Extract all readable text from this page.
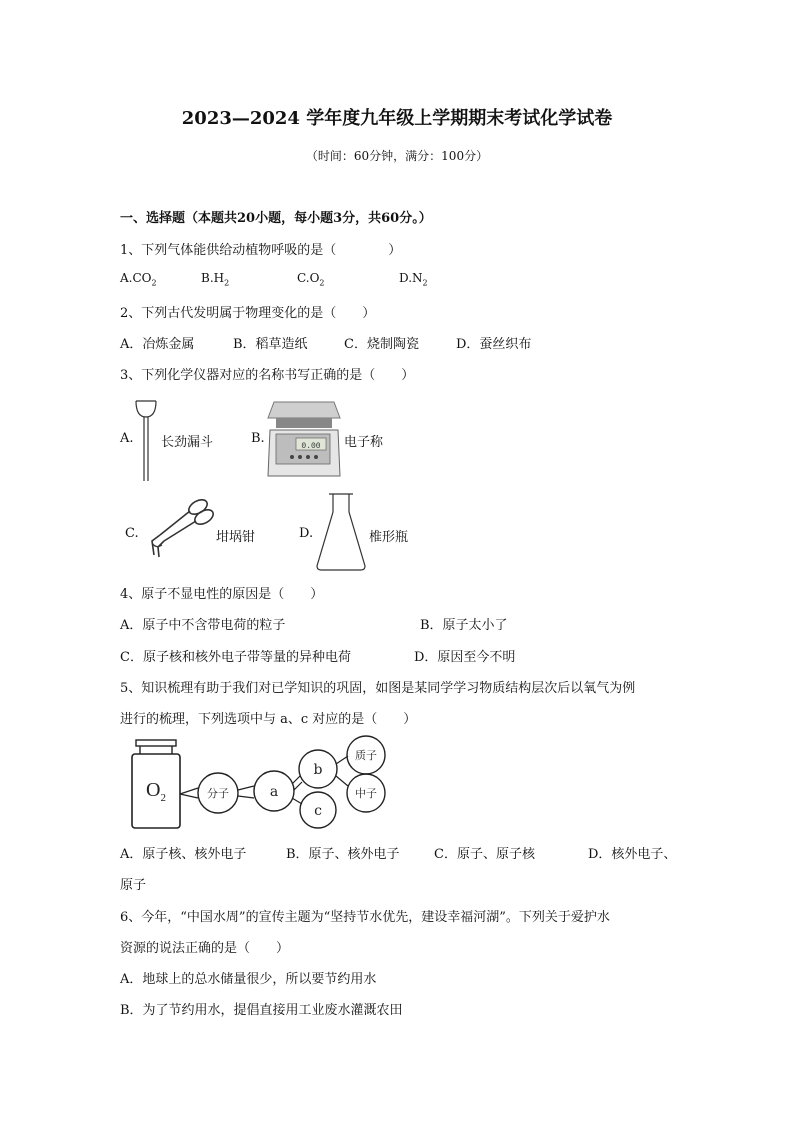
2023—2024 学年度九年级上学期期末考试化学试卷
（时间：60分钟，满分：100分）
一、选择题（本题共20小题，每小题3分，共60分。）
1、下列气体能供给动植物呼吸的是（　　　　）
$A.CO_2$	$B.H_2$	$C.O_2$	$D.N_2$
2、下列古代发明属于物理变化的是（　　）
A．冶炼金属	B．稻草造纸	C．烧制陶瓷	D．蚕丝织布
3、下列化学仪器对应的名称书写正确的是（　　）
A. 长劲漏斗	0.00
B.	电子称
C.	坩埚钳	D.	椎形瓶
4、原子不显电性的原因是（　　）
A．原子中不含带电荷的粒子	B．原子太小了
C．原子核和核外电子带等量的异种电荷	D．原因至今不明
5、知识梳理有助于我们对已学知识的巩固，如图是某同学学习物质结构层次后以氧气为例
进行的梳理，下列选项中与 a、c 对应的是（　　）
$O_2$	分子	a
b
c
质子
中子
A．原子核、核外电子	B．原子、核外电子	C．原子、原子核	D．核外电子、
原子
6、今年，“中国水周”的宣传主题为“坚持节水优先，建设幸福河湖”。下列关于爱护水
资源的说法正确的是（　　）
A．地球上的总水储量很少，所以要节约用水
B．为了节约用水，提倡直接用工业废水灌溉农田
